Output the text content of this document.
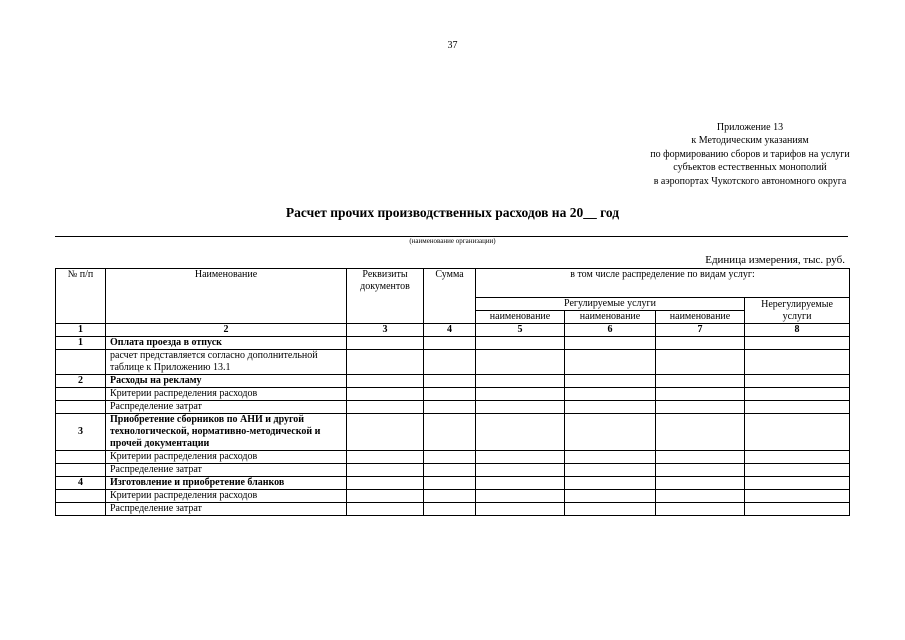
37
Приложение 13
к Методическим указаниям
по формированию сборов и тарифов на услуги
субъектов естественных монополий
в аэропортах Чукотского автономного округа
Расчет прочих производственных расходов на 20__ год
(наименование организации)
Единица измерения, тыс. руб.
№ п/п	Наименование	Реквизиты документов	Сумма	в том числе распределение по видам услуг:			
				Регулируемые услуги			Нерегулируемые услуги
				наименование	наименование	наименование	
1	2	3	4	5	6	7	8
1	Оплата проезда в отпуск						
	расчет представляется согласно дополнительной таблице к Приложению 13.1						
2	Расходы на рекламу						
	Критерии распределения расходов						
	Распределение затрат						
3	Приобретение сборников по АНИ и другой технологической, нормативно-методической и прочей документации						
	Критерии распределения расходов						
	Распределение затрат						
4	Изготовление и приобретение бланков						
	Критерии распределения расходов						
	Распределение затрат						
